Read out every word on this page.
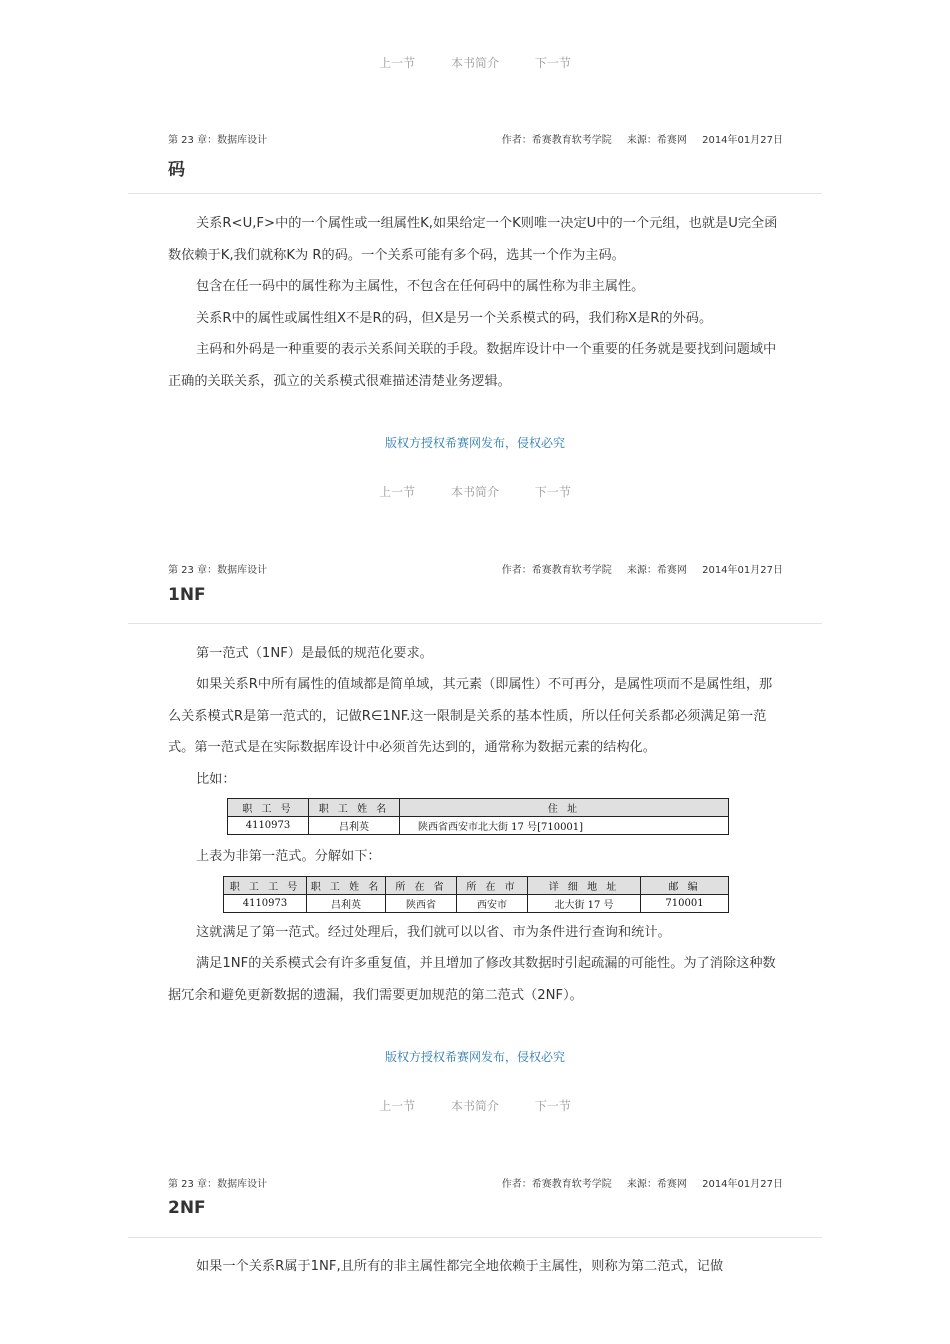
上一节	本书简介	下一节
第 23 章：数据库设计	作者：希赛教育软考学院 来源：希赛网 2014年01月27日
码

关系R<U,F>中的一个属性或一组属性K,如果给定一个K则唯一决定U中的一个元组，也就是U完全函数依赖于K,我们就称K为 R的码。一个关系可能有多个码，选其一个作为主码。

包含在任一码中的属性称为主属性，不包含在任何码中的属性称为非主属性。

关系R中的属性或属性组X不是R的码，但X是另一个关系模式的码，我们称X是R的外码。

主码和外码是一种重要的表示关系间关联的手段。数据库设计中一个重要的任务就是要找到问题域中正确的关联关系，孤立的关系模式很难描述清楚业务逻辑。

版权方授权希赛网发布，侵权必究
上一节	本书简介	下一节
第 23 章：数据库设计	作者：希赛教育软考学院 来源：希赛网 2014年01月27日
1NF

第一范式（1NF）是最低的规范化要求。

如果关系R中所有属性的值域都是简单域，其元素（即属性）不可再分，是属性项而不是属性组，那么关系模式R是第一范式的，记做R∈1NF.这一限制是关系的基本性质，所以任何关系都必须满足第一范式。第一范式是在实际数据库设计中必须首先达到的，通常称为数据元素的结构化。

比如：

职 工 号	职 工 姓 名	住 址
4110973	吕利英	陕西省西安市北大街 17 号[710001]

上表为非第一范式。分解如下：

职 工 工 号	职 工 姓 名	所 在 省	所 在 市	详 细 地 址	邮 编
4110973	吕利英	陕西省	西安市	北大街 17 号	710001

这就满足了第一范式。经过处理后，我们就可以以省、市为条件进行查询和统计。

满足1NF的关系模式会有许多重复值，并且增加了修改其数据时引起疏漏的可能性。为了消除这种数据冗余和避免更新数据的遗漏，我们需要更加规范的第二范式（2NF）。

版权方授权希赛网发布，侵权必究
上一节	本书简介	下一节
第 23 章：数据库设计	作者：希赛教育软考学院 来源：希赛网 2014年01月27日
2NF

如果一个关系R属于1NF,且所有的非主属性都完全地依赖于主属性，则称为第二范式，记做
